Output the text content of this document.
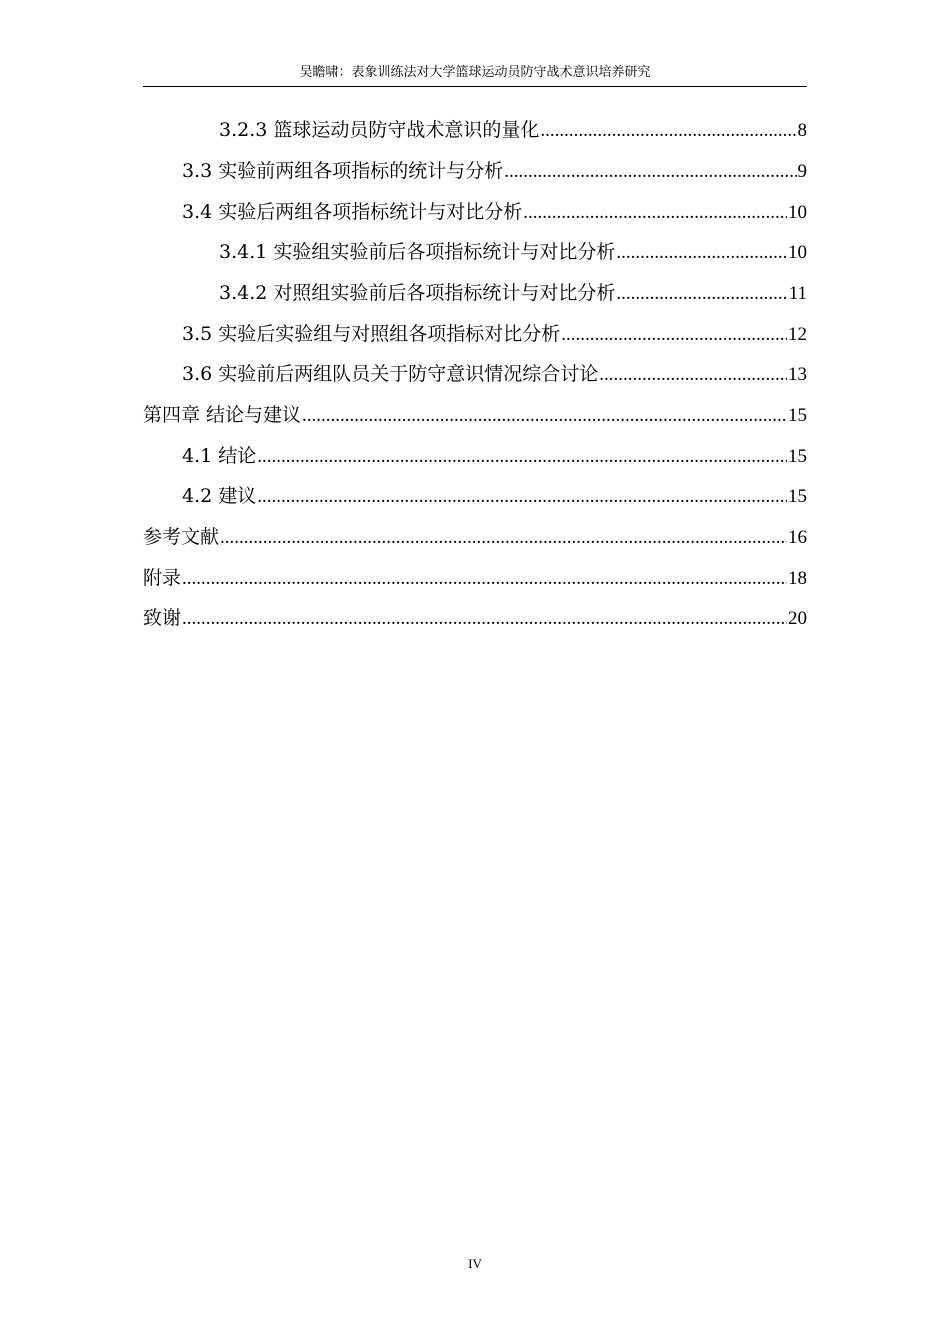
吴瞻啸：表象训练法对大学篮球运动员防守战术意识培养研究
3.2.3 篮球运动员防守战术意识的量化 .....	8
3.3 实验前两组各项指标的统计与分析 .....	9
3.4 实验后两组各项指标统计与对比分析 .....	10
3.4.1 实验组实验前后各项指标统计与对比分析 .....	10
3.4.2 对照组实验前后各项指标统计与对比分析 .....	11
3.5 实验后实验组与对照组各项指标对比分析 .....	12
3.6 实验前后两组队员关于防守意识情况综合讨论 .....	13
第四章 结论与建议 .....	15
4.1 结论 .....	15
4.2 建议 .....	15
参考文献 .....	16
附录 .....	18
致谢 .....	20
IV
